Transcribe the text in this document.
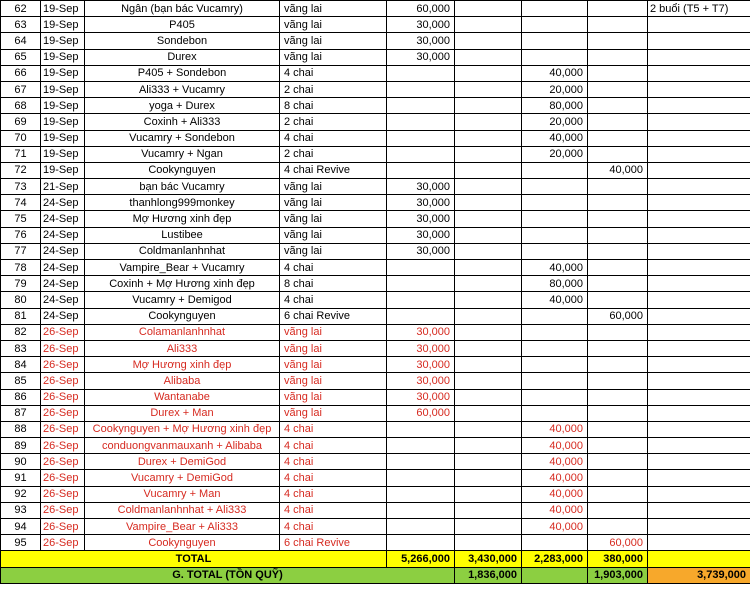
62	19-Sep	Ngân (bạn bác Vucamry)	vãng lai	60,000				2 buổi (T5 + T7)
63	19-Sep	P405	vãng lai	30,000				
64	19-Sep	Sondebon	vãng lai	30,000				
65	19-Sep	Durex	vãng lai	30,000				
66	19-Sep	P405 + Sondebon	4 chai			40,000		
67	19-Sep	Ali333 + Vucamry	2 chai			20,000		
68	19-Sep	yoga + Durex	8 chai			80,000		
69	19-Sep	Coxinh + Ali333	2 chai			20,000		
70	19-Sep	Vucamry + Sondebon	4 chai			40,000		
71	19-Sep	Vucamry + Ngan	2 chai			20,000		
72	19-Sep	Cookynguyen	4 chai Revive				40,000	
73	21-Sep	bạn bác Vucamry	vãng lai	30,000				
74	24-Sep	thanhlong999monkey	vãng lai	30,000				
75	24-Sep	Mợ Hương xinh đẹp	vãng lai	30,000				
76	24-Sep	Lustibee	vãng lai	30,000				
77	24-Sep	Coldmanlanhnhat	vãng lai	30,000				
78	24-Sep	Vampire_Bear + Vucamry	4 chai			40,000		
79	24-Sep	Coxinh + Mợ Hương xinh đẹp	8 chai			80,000		
80	24-Sep	Vucamry + Demigod	4 chai			40,000		
81	24-Sep	Cookynguyen	6 chai Revive				60,000	
82	26-Sep	Colamanlanhnhat	vãng lai	30,000				
83	26-Sep	Ali333	vãng lai	30,000				
84	26-Sep	Mợ Hương xinh đẹp	vãng lai	30,000				
85	26-Sep	Alibaba	vãng lai	30,000				
86	26-Sep	Wantanabe	vãng lai	30,000				
87	26-Sep	Durex + Man	vãng lai	60,000				
88	26-Sep	Cookynguyen + Mợ Hương xinh đẹp	4 chai			40,000		
89	26-Sep	conduongvanmauxanh + Alibaba	4 chai			40,000		
90	26-Sep	Durex + DemiGod	4 chai			40,000		
91	26-Sep	Vucamry + DemiGod	4 chai			40,000		
92	26-Sep	Vucamry + Man	4 chai			40,000		
93	26-Sep	Coldmanlanhnhat + Ali333	4 chai			40,000		
94	26-Sep	Vampire_Bear + Ali333	4 chai			40,000		
95	26-Sep	Cookynguyen	6 chai Revive				60,000	
TOTAL				5,266,000	3,430,000	2,283,000	380,000	
G. TOTAL (TỒN QUỸ)					1,836,000		1,903,000	3,739,000
